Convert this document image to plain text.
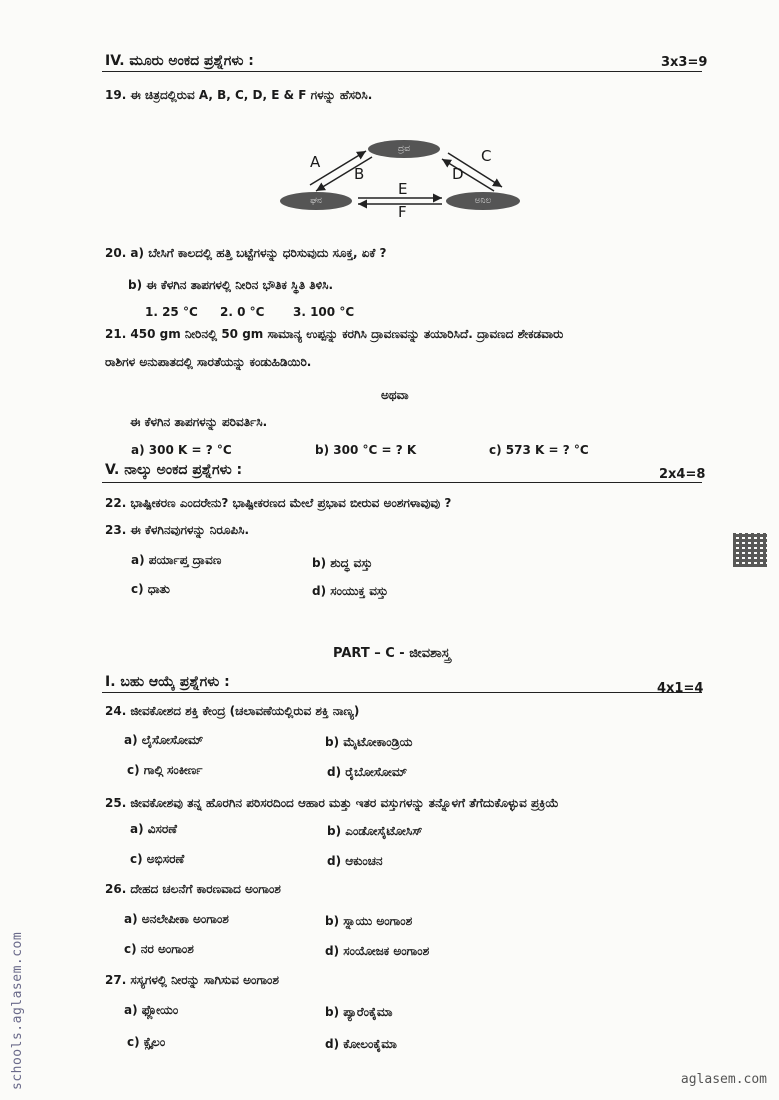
IV. ಮೂರು ಅಂಕದ ಪ್ರಶ್ನೆಗಳು :	3x3=9
19. ಈ ಚಿತ್ರದಲ್ಲಿರುವ A, B, C, D, E & F ಗಳನ್ನು ಹೆಸರಿಸಿ.
ದ್ರವ
ಘನ	ಅನಿಲ
A
B
C
D
E
F
20. a) ಬೇಸಿಗೆ ಕಾಲದಲ್ಲಿ ಹತ್ತಿ ಬಟ್ಟೆಗಳನ್ನು ಧರಿಸುವುದು ಸೂಕ್ತ, ಏಕೆ ?
b) ಈ ಕೆಳಗಿನ ತಾಪಗಳಲ್ಲಿ ನೀರಿನ ಭೌತಿಕ ಸ್ಥಿತಿ ತಿಳಿಸಿ.
1. 25 °C 2. 0 °C 3. 100 °C
21. 450 gm ನೀರಿನಲ್ಲಿ 50 gm ಸಾಮಾನ್ಯ ಉಪ್ಪನ್ನು ಕರಗಿಸಿ ದ್ರಾವಣವನ್ನು ತಯಾರಿಸಿದೆ. ದ್ರಾವಣದ ಶೇಕಡವಾರು
ರಾಶಿಗಳ ಅನುಪಾತದಲ್ಲಿ ಸಾರತೆಯನ್ನು ಕಂಡುಹಿಡಿಯಿರಿ.
ಅಥವಾ
ಈ ಕೆಳಗಿನ ತಾಪಗಳನ್ನು ಪರಿವರ್ತಿಸಿ.
a) 300 K = ? °C	b) 300 °C = ? K	c) 573 K = ? °C
V. ನಾಲ್ಕು ಅಂಕದ ಪ್ರಶ್ನೆಗಳು :	2x4=8
22. ಭಾಷ್ಪೀಕರಣ ಎಂದರೇನು? ಭಾಷ್ಪೀಕರಣದ ಮೇಲೆ ಪ್ರಭಾವ ಬೀರುವ ಅಂಶಗಳಾವುವು ?
23. ಈ ಕೆಳಗಿನವುಗಳನ್ನು ನಿರೂಪಿಸಿ.
a) ಪರ್ಯಾಪ್ತ ದ್ರಾವಣ	b) ಶುದ್ಧ ವಸ್ತು
c) ಧಾತು	d) ಸಂಯುಕ್ತ ವಸ್ತು
PART – C - ಜೀವಶಾಸ್ತ್ರ
I. ಬಹು ಆಯ್ಕೆ ಪ್ರಶ್ನೆಗಳು :	4x1=4
24. ಜೀವಕೋಶದ ಶಕ್ತಿ ಕೇಂದ್ರ (ಚಲಾವಣೆಯಲ್ಲಿರುವ ಶಕ್ತಿ ನಾಣ್ಯ)
a) ಲೈಸೋಸೋಮ್	b) ಮೈಟೋಕಾಂಡ್ರಿಯ
c) ಗಾಲ್ಗಿ ಸಂಕೀರ್ಣ	d) ರೈಬೋಸೋಮ್
25. ಜೀವಕೋಶವು ತನ್ನ ಹೊರಗಿನ ಪರಿಸರದಿಂದ ಆಹಾರ ಮತ್ತು ಇತರ ವಸ್ತುಗಳನ್ನು ತನ್ನೊಳಗೆ ತೆಗೆದುಕೊಳ್ಳುವ ಪ್ರಕ್ರಿಯೆ
a) ವಿಸರಣೆ	b) ಎಂಡೋಸೈಟೋಸಿಸ್
c) ಅಭಿಸರಣೆ	d) ಆಕುಂಚನ
26. ದೇಹದ ಚಲನೆಗೆ ಕಾರಣವಾದ ಅಂಗಾಂಶ
a) ಅನಲೇಪೀಕಾ ಅಂಗಾಂಶ	b) ಸ್ನಾಯು ಅಂಗಾಂಶ
c) ನರ ಅಂಗಾಂಶ	d) ಸಂಯೋಜಕ ಅಂಗಾಂಶ
27. ಸಸ್ಯಗಳಲ್ಲಿ ನೀರನ್ನು ಸಾಗಿಸುವ ಅಂಗಾಂಶ
a) ಫ್ಲೋಯಂ	b) ಪ್ಯಾರೆಂಕೈಮಾ
c) ಕ್ಸೈಲಂ	d) ಕೋಲಂಕೈಮಾ
schools.aglasem.com	aglasem.com
